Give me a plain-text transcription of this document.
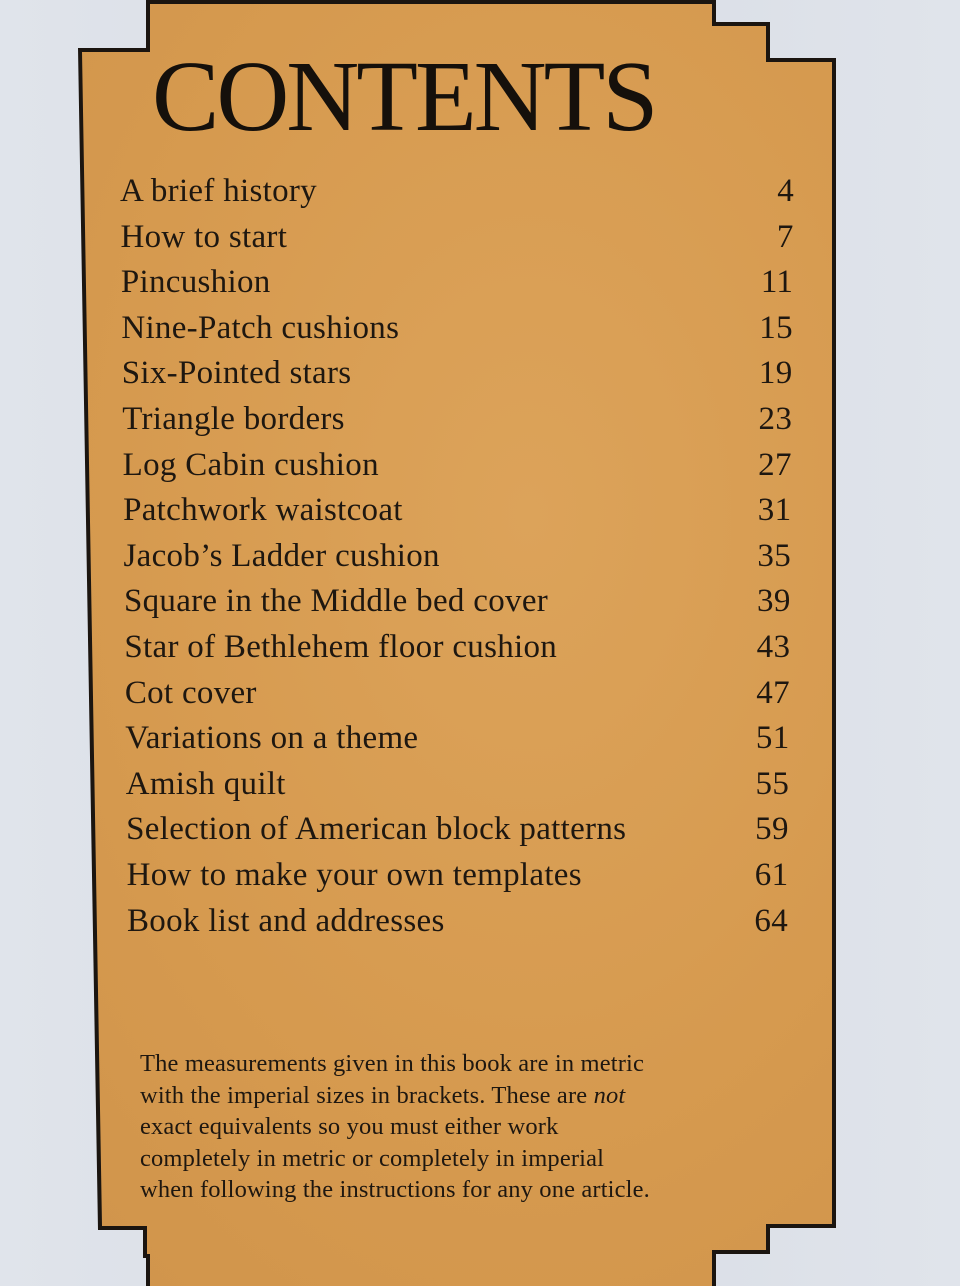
CONTENTS
A brief history	4
How to start	7
Pincushion	11
Nine-Patch cushions	15
Six-Pointed stars	19
Triangle borders	23
Log Cabin cushion	27
Patchwork waistcoat	31
Jacob’s Ladder cushion	35
Square in the Middle bed cover	39
Star of Bethlehem floor cushion	43
Cot cover	47
Variations on a theme	51
Amish quilt	55
Selection of American block patterns	59
How to make your own templates	61
Book list and addresses	64

The measurements given in this book are in metric
with the imperial sizes in brackets. These are not
exact equivalents so you must either work
completely in metric or completely in imperial
when following the instructions for any one article.
